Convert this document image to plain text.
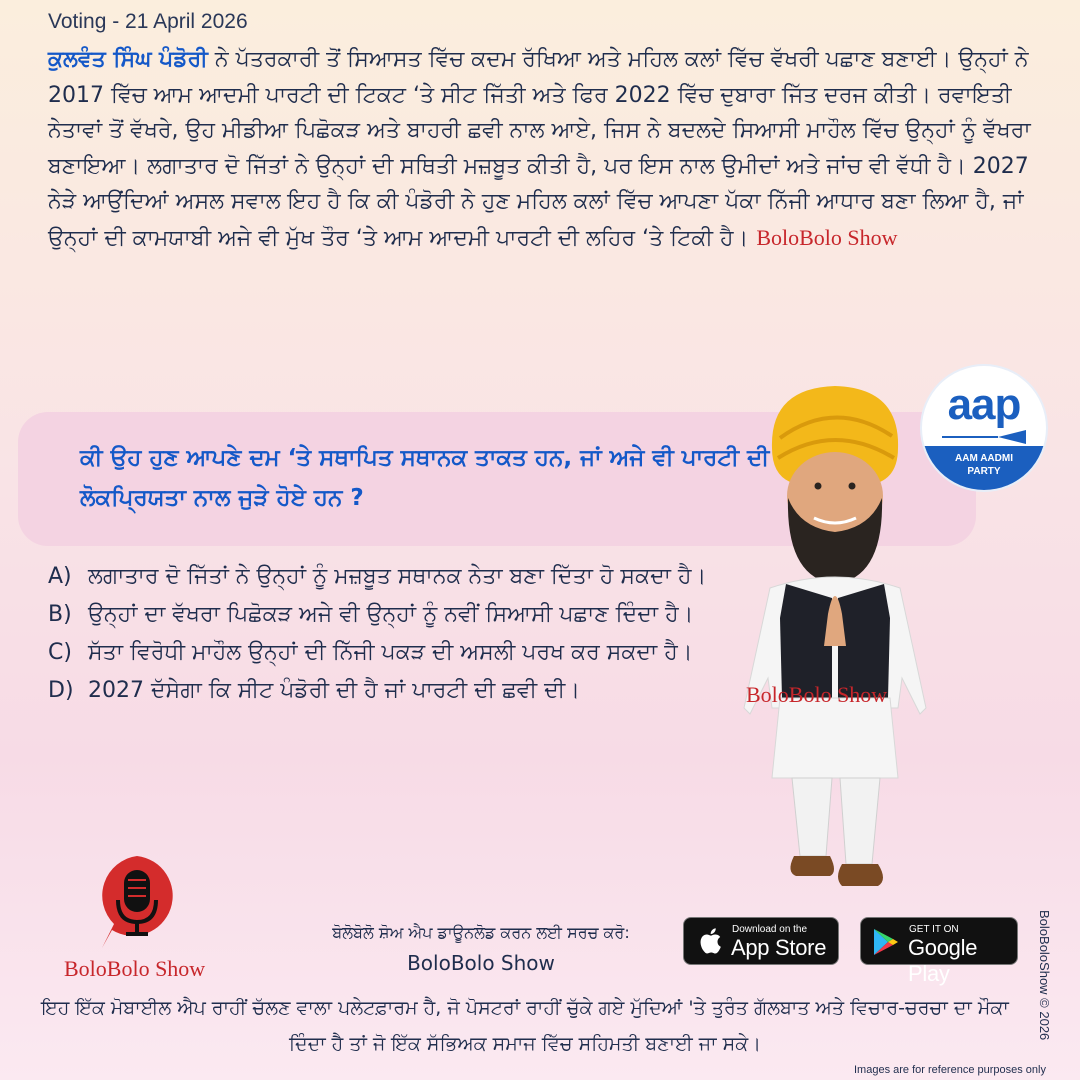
Voting - 21 April 2026

ਕੁਲਵੰਤ ਸਿੰਘ ਪੰਡੋਰੀ ਨੇ ਪੱਤਰਕਾਰੀ ਤੋਂ ਸਿਆਸਤ ਵਿੱਚ ਕਦਮ ਰੱਖਿਆ ਅਤੇ ਮਹਿਲ ਕਲਾਂ ਵਿੱਚ ਵੱਖਰੀ ਪਛਾਣ ਬਣਾਈ। ਉਨ੍ਹਾਂ ਨੇ 2017 ਵਿੱਚ ਆਮ ਆਦਮੀ ਪਾਰਟੀ ਦੀ ਟਿਕਟ ‘ਤੇ ਸੀਟ ਜਿੱਤੀ ਅਤੇ ਫਿਰ 2022 ਵਿੱਚ ਦੁਬਾਰਾ ਜਿੱਤ ਦਰਜ ਕੀਤੀ। ਰਵਾਇਤੀ ਨੇਤਾਵਾਂ ਤੋਂ ਵੱਖਰੇ, ਉਹ ਮੀਡੀਆ ਪਿਛੋਕੜ ਅਤੇ ਬਾਹਰੀ ਛਵੀ ਨਾਲ ਆਏ, ਜਿਸ ਨੇ ਬਦਲਦੇ ਸਿਆਸੀ ਮਾਹੌਲ ਵਿੱਚ ਉਨ੍ਹਾਂ ਨੂੰ ਵੱਖਰਾ ਬਣਾਇਆ। ਲਗਾਤਾਰ ਦੋ ਜਿੱਤਾਂ ਨੇ ਉਨ੍ਹਾਂ ਦੀ ਸਥਿਤੀ ਮਜ਼ਬੂਤ ਕੀਤੀ ਹੈ, ਪਰ ਇਸ ਨਾਲ ਉਮੀਦਾਂ ਅਤੇ ਜਾਂਚ ਵੀ ਵੱਧੀ ਹੈ। 2027 ਨੇੜੇ ਆਉਂਦਿਆਂ ਅਸਲ ਸਵਾਲ ਇਹ ਹੈ ਕਿ ਕੀ ਪੰਡੋਰੀ ਨੇ ਹੁਣ ਮਹਿਲ ਕਲਾਂ ਵਿੱਚ ਆਪਣਾ ਪੱਕਾ ਨਿੱਜੀ ਆਧਾਰ ਬਣਾ ਲਿਆ ਹੈ, ਜਾਂ ਉਨ੍ਹਾਂ ਦੀ ਕਾਮਯਾਬੀ ਅਜੇ ਵੀ ਮੁੱਖ ਤੌਰ ‘ਤੇ ਆਮ ਆਦਮੀ ਪਾਰਟੀ ਦੀ ਲਹਿਰ ‘ਤੇ ਟਿਕੀ ਹੈ। BoloBolo Show

ਕੀ ਉਹ ਹੁਣ ਆਪਣੇ ਦਮ ‘ਤੇ ਸਥਾਪਿਤ ਸਥਾਨਕ ਤਾਕਤ ਹਨ, ਜਾਂ ਅਜੇ ਵੀ ਪਾਰਟੀ ਦੀ ਲੋਕਪ੍ਰਿਯਤਾ ਨਾਲ ਜੁੜੇ ਹੋਏ ਹਨ ?

A) ਲਗਾਤਾਰ ਦੋ ਜਿੱਤਾਂ ਨੇ ਉਨ੍ਹਾਂ ਨੂੰ ਮਜ਼ਬੂਤ ਸਥਾਨਕ ਨੇਤਾ ਬਣਾ ਦਿੱਤਾ ਹੋ ਸਕਦਾ ਹੈ।
B) ਉਨ੍ਹਾਂ ਦਾ ਵੱਖਰਾ ਪਿਛੋਕੜ ਅਜੇ ਵੀ ਉਨ੍ਹਾਂ ਨੂੰ ਨਵੀਂ ਸਿਆਸੀ ਪਛਾਣ ਦਿੰਦਾ ਹੈ।
C) ਸੱਤਾ ਵਿਰੋਧੀ ਮਾਹੌਲ ਉਨ੍ਹਾਂ ਦੀ ਨਿੱਜੀ ਪਕੜ ਦੀ ਅਸਲੀ ਪਰਖ ਕਰ ਸਕਦਾ ਹੈ।
D) 2027 ਦੱਸੇਗਾ ਕਿ ਸੀਟ ਪੰਡੋਰੀ ਦੀ ਹੈ ਜਾਂ ਪਾਰਟੀ ਦੀ ਛਵੀ ਦੀ।
aap
AAM AADMI
PARTY
BoloBolo Show
BoloBolo Show
ਬੋਲੋਬੋਲੋ ਸ਼ੋਅ ਐਪ ਡਾਊਨਲੋਡ ਕਰਨ ਲਈ ਸਰਚ ਕਰੋ:
BoloBolo Show
Download on the
App Store
GET IT ON
Google Play

ਇਹ ਇੱਕ ਮੋਬਾਈਲ ਐਪ ਰਾਹੀਂ ਚੱਲਣ ਵਾਲਾ ਪਲੇਟਫ਼ਾਰਮ ਹੈ, ਜੋ ਪੋਸਟਰਾਂ ਰਾਹੀਂ ਚੁੱਕੇ ਗਏ ਮੁੱਦਿਆਂ 'ਤੇ ਤੁਰੰਤ ਗੱਲਬਾਤ ਅਤੇ ਵਿਚਾਰ-ਚਰਚਾ ਦਾ ਮੌਕਾ ਦਿੰਦਾ ਹੈ ਤਾਂ ਜੋ ਇੱਕ ਸੱਭਿਅਕ ਸਮਾਜ ਵਿੱਚ ਸਹਿਮਤੀ ਬਣਾਈ ਜਾ ਸਕੇ।

BoloBoloShow © 2026
Images are for reference purposes only
